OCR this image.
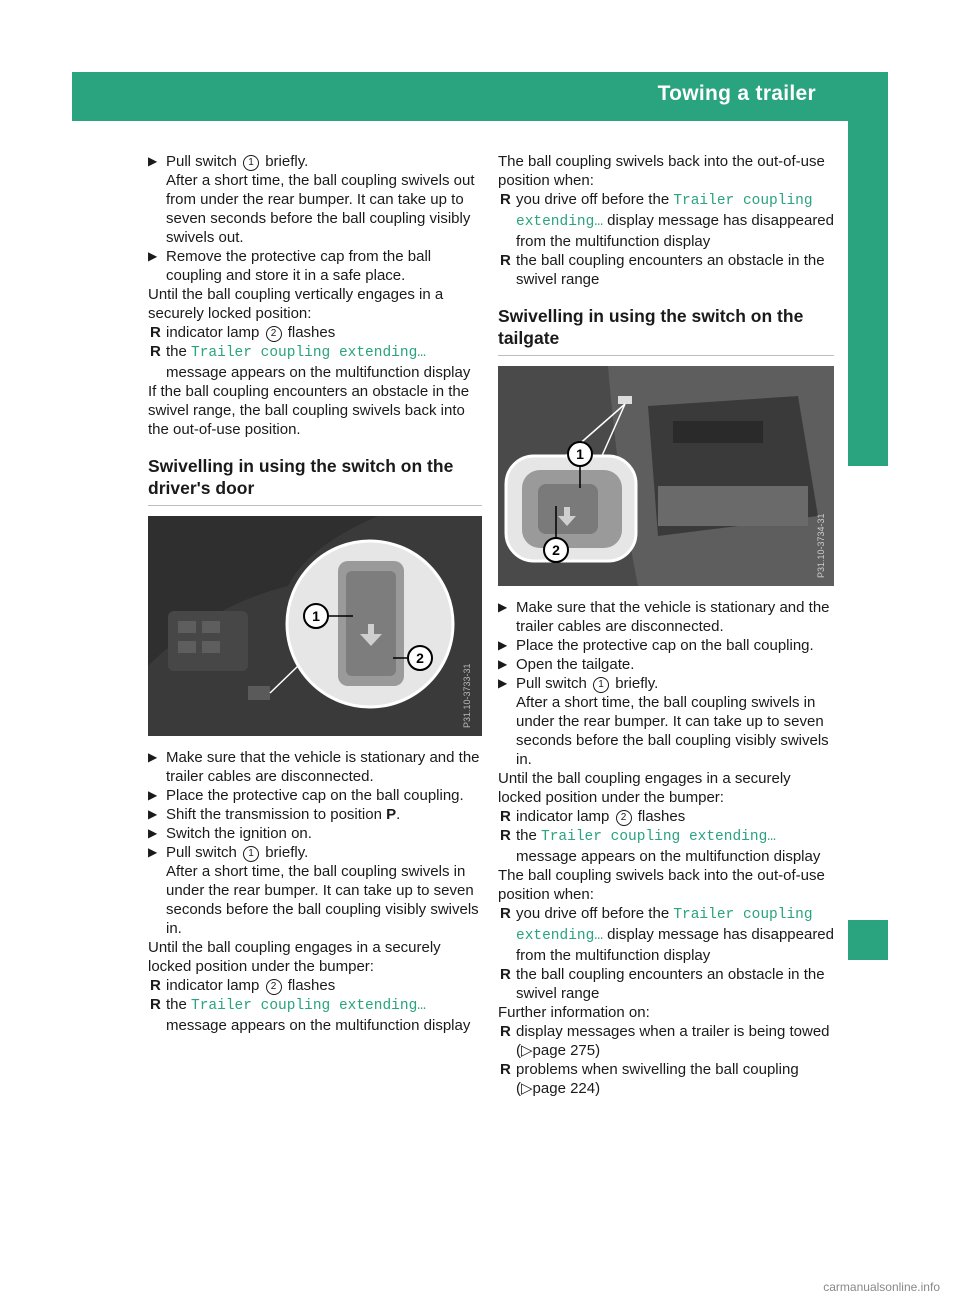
Towing a trailer
Driving and parking

▶ Pull switch 1 briefly.
After a short time, the ball coupling swivels out from under the rear bumper. It can take up to seven seconds before the ball coupling visibly swivels out.

▶ Remove the protective cap from the ball coupling and store it in a safe place.

Until the ball coupling vertically engages in a securely locked position:

R indicator lamp 2 flashes

R the Trailer coupling extending… message appears on the multifunction display

If the ball coupling encounters an obstacle in the swivel range, the ball coupling swivels back into the out-of-use position.

Swivelling in using the switch on the driver's door
1
2
P31.10-3733-31

▶ Make sure that the vehicle is stationary and the trailer cables are disconnected.

▶ Place the protective cap on the ball coupling.

▶ Shift the transmission to position P.

▶ Switch the ignition on.

▶ Pull switch 1 briefly.
After a short time, the ball coupling swivels in under the rear bumper. It can take up to seven seconds before the ball coupling visibly swivels in.

Until the ball coupling engages in a securely locked position under the bumper:

R indicator lamp 2 flashes

R the Trailer coupling extending… message appears on the multifunction display

The ball coupling swivels back into the out-of-use position when:

R you drive off before the Trailer coupling extending… display message has disappeared from the multifunction display

R the ball coupling encounters an obstacle in the swivel range

Swivelling in using the switch on the tailgate
1
2	P31.10-3734-31

▶ Make sure that the vehicle is stationary and the trailer cables are disconnected.

▶ Place the protective cap on the ball coupling.

▶ Open the tailgate.

▶ Pull switch 1 briefly.
After a short time, the ball coupling swivels in under the rear bumper. It can take up to seven seconds before the ball coupling visibly swivels in.

Until the ball coupling engages in a securely locked position under the bumper:

R indicator lamp 2 flashes

R the Trailer coupling extending… message appears on the multifunction display

The ball coupling swivels back into the out-of-use position when:

R you drive off before the Trailer coupling extending… display message has disappeared from the multifunction display

R the ball coupling encounters an obstacle in the swivel range

Further information on:

R display messages when a trailer is being towed (▷page 275)

R problems when swivelling the ball coupling (▷page 224)

carmanualsonline.info
